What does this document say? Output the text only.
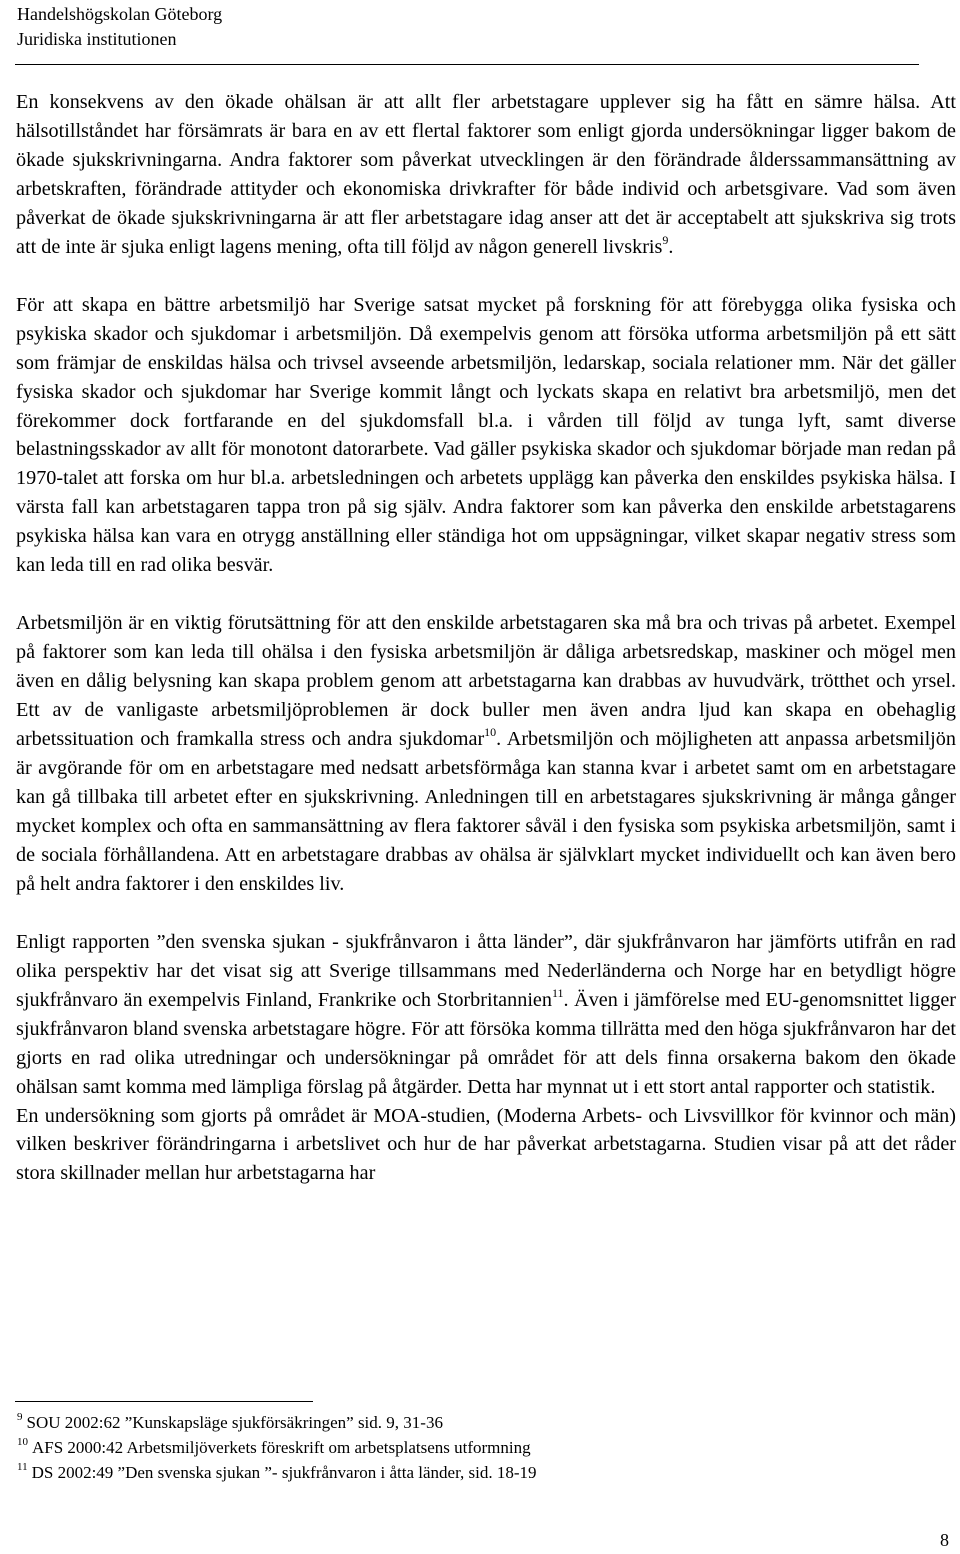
Handelshögskolan Göteborg
Juridiska institutionen

En konsekvens av den ökade ohälsan är att allt fler arbetstagare upplever sig ha fått en sämre hälsa. Att hälsotillståndet har försämrats är bara en av ett flertal faktorer som enligt gjorda undersökningar ligger bakom de ökade sjukskrivningarna. Andra faktorer som påverkat utvecklingen är den förändrade ålderssammansättning av arbetskraften, förändrade attityder och ekonomiska drivkrafter för både individ och arbetsgivare. Vad som även påverkat de ökade sjukskrivningarna är att fler arbetstagare idag anser att det är acceptabelt att sjukskriva sig trots att de inte är sjuka enligt lagens mening, ofta till följd av någon generell livskris$^9$.

För att skapa en bättre arbetsmiljö har Sverige satsat mycket på forskning för att förebygga olika fysiska och psykiska skador och sjukdomar i arbetsmiljön. Då exempelvis genom att försöka utforma arbetsmiljön på ett sätt som främjar de enskildas hälsa och trivsel avseende arbetsmiljön, ledarskap, sociala relationer mm. När det gäller fysiska skador och sjukdomar har Sverige kommit långt och lyckats skapa en relativt bra arbetsmiljö, men det förekommer dock fortfarande en del sjukdomsfall bl.a. i vården till följd av tunga lyft, samt diverse belastningsskador av allt för monotont datorarbete. Vad gäller psykiska skador och sjukdomar började man redan på 1970-talet att forska om hur bl.a. arbetsledningen och arbetets upplägg kan påverka den enskildes psykiska hälsa. I värsta fall kan arbetstagaren tappa tron på sig själv. Andra faktorer som kan påverka den enskilde arbetstagarens psykiska hälsa kan vara en otrygg anställning eller ständiga hot om uppsägningar, vilket skapar negativ stress som kan leda till en rad olika besvär.

Arbetsmiljön är en viktig förutsättning för att den enskilde arbetstagaren ska må bra och trivas på arbetet. Exempel på faktorer som kan leda till ohälsa i den fysiska arbetsmiljön är dåliga arbetsredskap, maskiner och mögel men även en dålig belysning kan skapa problem genom att arbetstagarna kan drabbas av huvudvärk, trötthet och yrsel. Ett av de vanligaste arbetsmiljöproblemen är dock buller men även andra ljud kan skapa en obehaglig arbetssituation och framkalla stress och andra sjukdomar$^{10}$. Arbetsmiljön och möjligheten att anpassa arbetsmiljön är avgörande för om en arbetstagare med nedsatt arbetsförmåga kan stanna kvar i arbetet samt om en arbetstagare kan gå tillbaka till arbetet efter en sjukskrivning. Anledningen till en arbetstagares sjukskrivning är många gånger mycket komplex och ofta en sammansättning av flera faktorer såväl i den fysiska som psykiska arbetsmiljön, samt i de sociala förhållandena. Att en arbetstagare drabbas av ohälsa är självklart mycket individuellt och kan även bero på helt andra faktorer i den enskildes liv.

Enligt rapporten ”den svenska sjukan - sjukfrånvaron i åtta länder”, där sjukfrånvaron har jämförts utifrån en rad olika perspektiv har det visat sig att Sverige tillsammans med Nederländerna och Norge har en betydligt högre sjukfrånvaro än exempelvis Finland, Frankrike och Storbritannien$^{11}$. Även i jämförelse med EU-genomsnittet ligger sjukfrånvaron bland svenska arbetstagare högre. För att försöka komma tillrätta med den höga sjukfrånvaron har det gjorts en rad olika utredningar och undersökningar på området för att dels finna orsakerna bakom den ökade ohälsan samt komma med lämpliga förslag på åtgärder. Detta har mynnat ut i ett stort antal rapporter och statistik.

En undersökning som gjorts på området är MOA-studien, (Moderna Arbets- och Livsvillkor för kvinnor och män) vilken beskriver förändringarna i arbetslivet och hur de har påverkat arbetstagarna. Studien visar på att det råder stora skillnader mellan hur arbetstagarna har

$^9$ SOU 2002:62 ”Kunskapsläge sjukförsäkringen” sid. 9, 31-36
$^{10}$ AFS 2000:42 Arbetsmiljöverkets föreskrift om arbetsplatsens utformning
$^{11}$ DS 2002:49 ”Den svenska sjukan ”- sjukfrånvaron i åtta länder, sid. 18-19
8
